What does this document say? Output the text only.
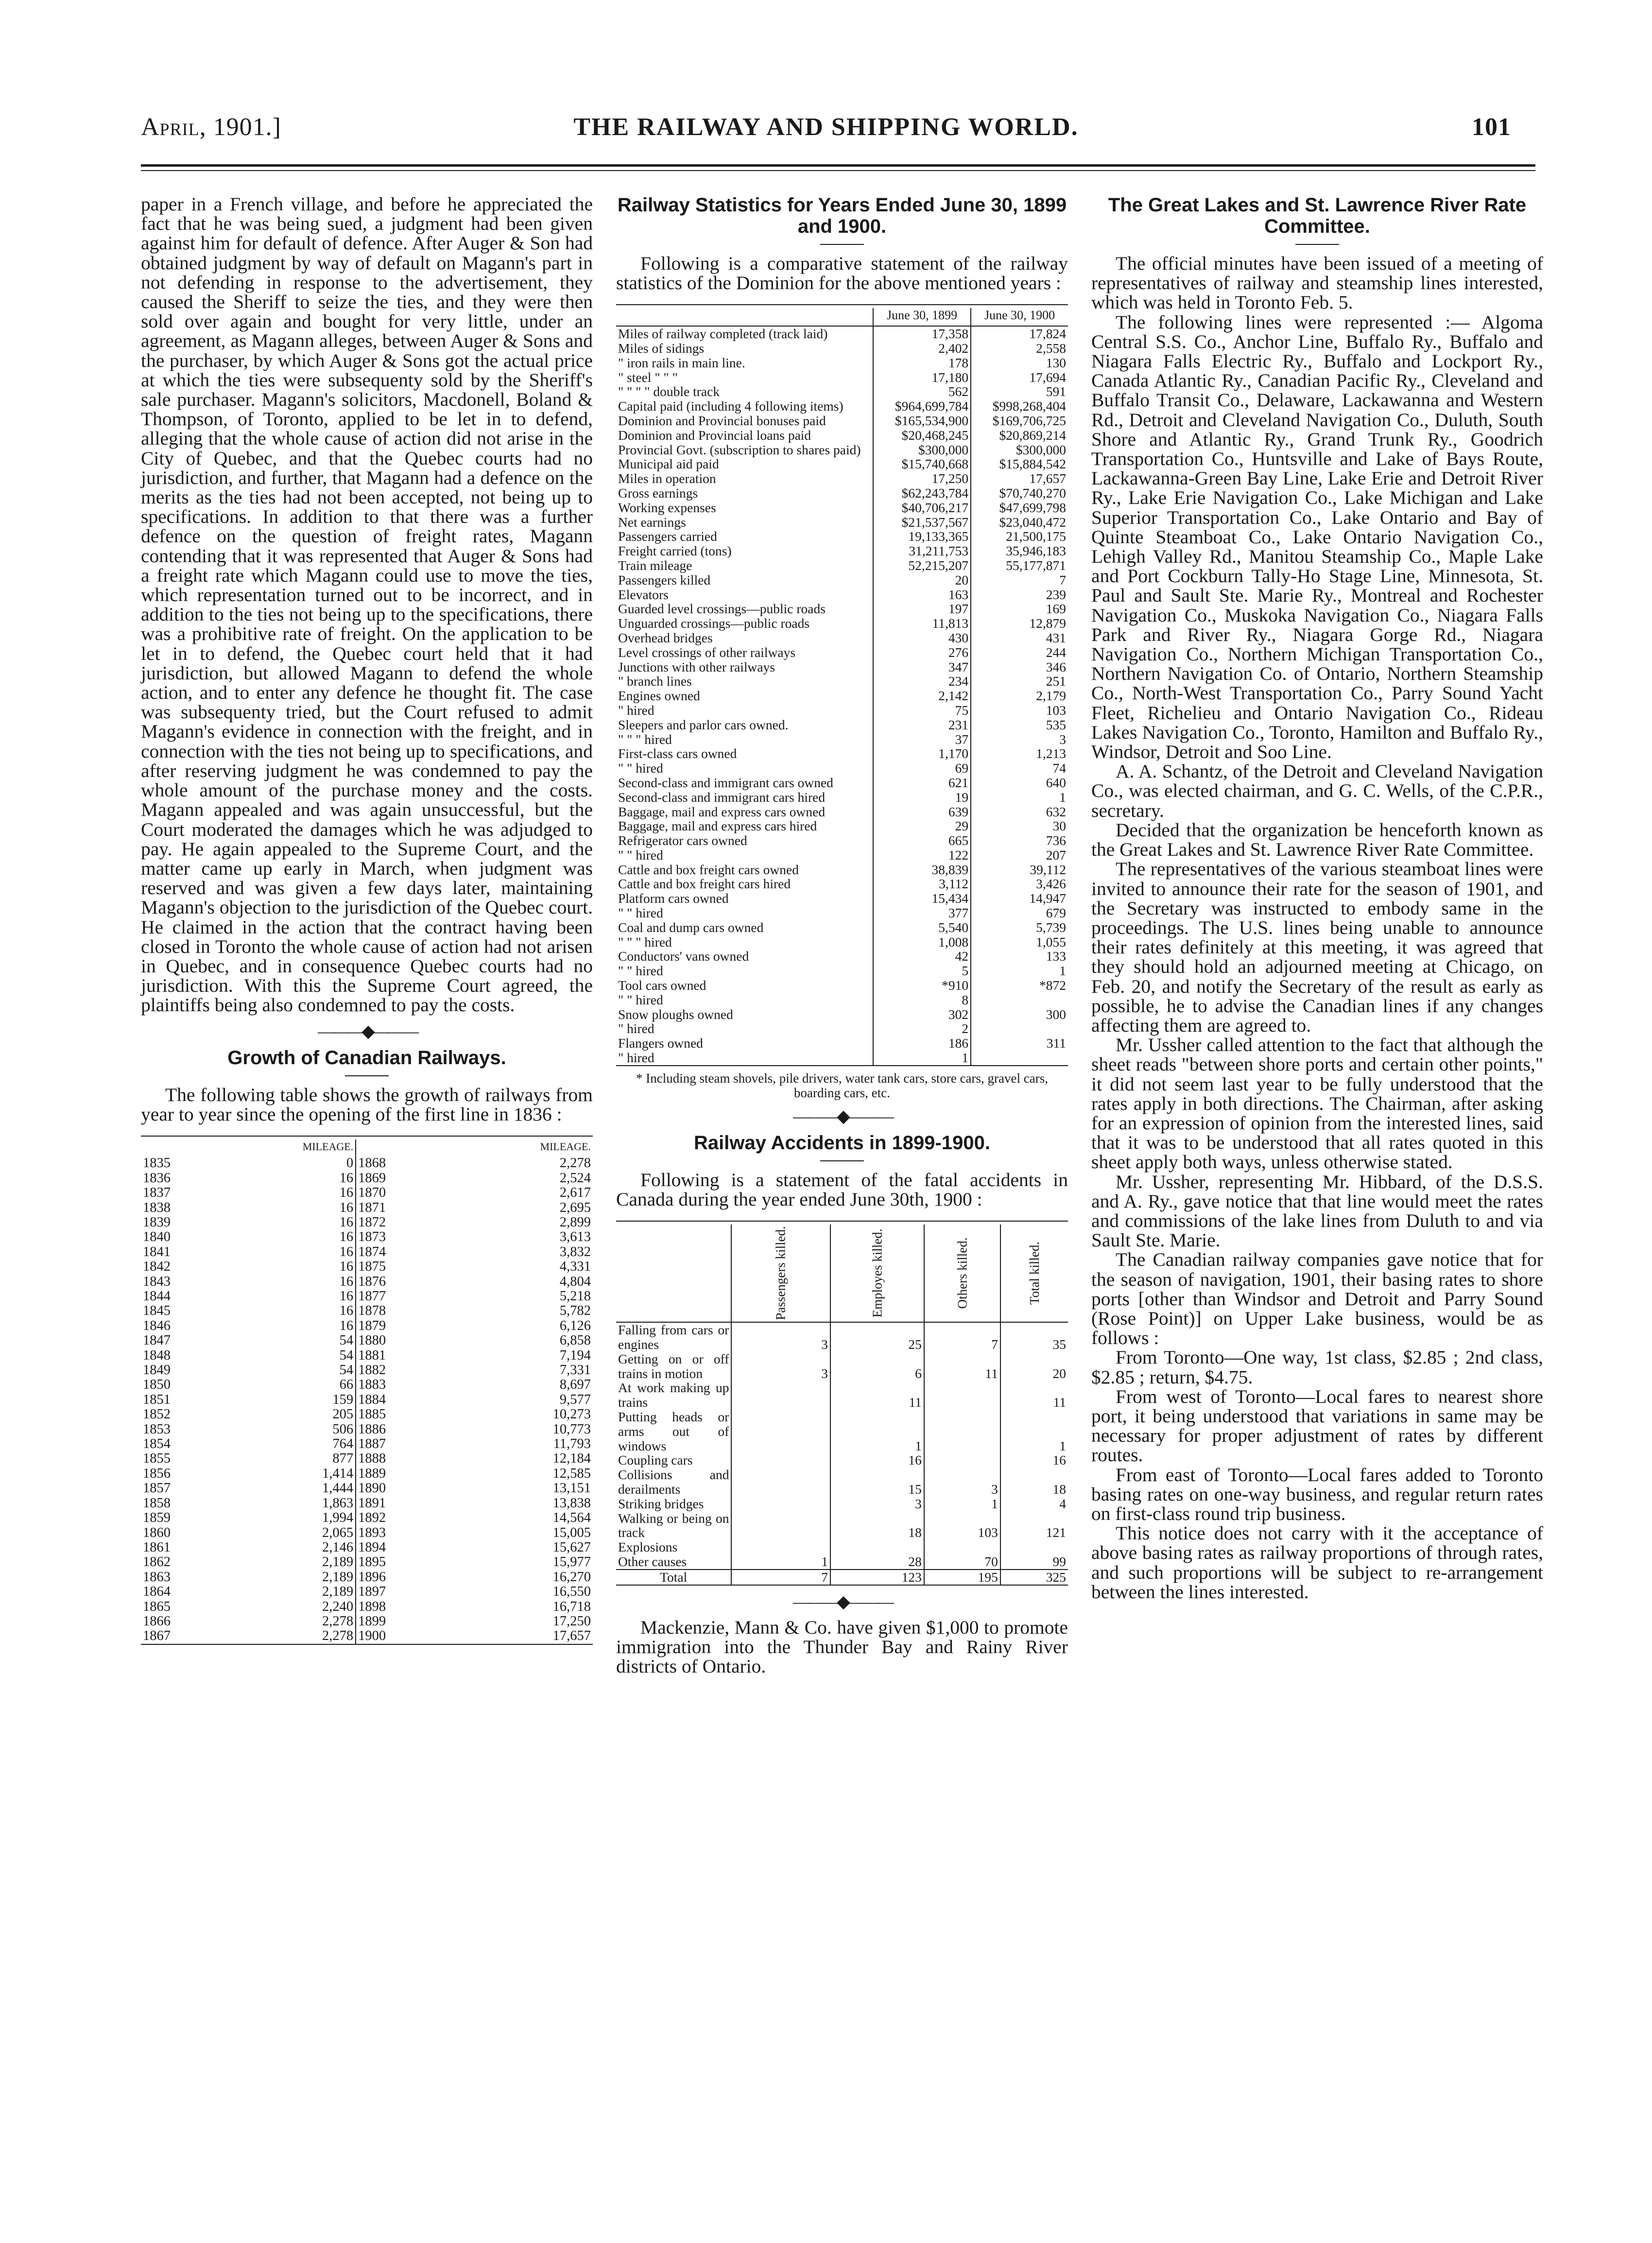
April, 1901.]	THE RAILWAY AND SHIPPING WORLD.	101

paper in a French village, and before he appreciated the fact that he was being sued, a judgment had been given against him for default of defence. After Auger & Son had obtained judgment by way of default on Magann's part in not defending in response to the advertisement, they caused the Sheriff to seize the ties, and they were then sold over again and bought for very little, under an agreement, as Magann alleges, between Auger & Sons and the purchaser, by which Auger & Sons got the actual price at which the ties were subsequenty sold by the Sheriff's sale purchaser. Magann's solicitors, Macdonell, Boland & Thompson, of Toronto, applied to be let in to defend, alleging that the whole cause of action did not arise in the City of Quebec, and that the Quebec courts had no jurisdiction, and further, that Magann had a defence on the merits as the ties had not been accepted, not being up to specifications. In addition to that there was a further defence on the question of freight rates, Magann contending that it was represented that Auger & Sons had a freight rate which Magann could use to move the ties, which representation turned out to be incorrect, and in addition to the ties not being up to the specifications, there was a prohibitive rate of freight. On the application to be let in to defend, the Quebec court held that it had jurisdiction, but allowed Magann to defend the whole action, and to enter any defence he thought fit. The case was subsequenty tried, but the Court refused to admit Magann's evidence in connection with the freight, and in connection with the ties not being up to specifications, and after reserving judgment he was condemned to pay the whole amount of the purchase money and the costs. Magann appealed and was again unsuccessful, but the Court moderated the damages which he was adjudged to pay. He again appealed to the Supreme Court, and the matter came up early in March, when judgment was reserved and was given a few days later, maintaining Magann's objection to the jurisdiction of the Quebec court. He claimed in the action that the contract having been closed in Toronto the whole cause of action had not arisen in Quebec, and in consequence Quebec courts had no jurisdiction. With this the Supreme Court agreed, the plaintiffs being also condemned to pay the costs.

———◆———
Growth of Canadian Railways.

The following table shows the growth of railways from year to year since the opening of the first line in 1836 :

MILEAGE.		MILEAGE.	
1835	0	1868	2,278
1836	16	1869	2,524
1837	16	1870	2,617
1838	16	1871	2,695
1839	16	1872	2,899
1840	16	1873	3,613
1841	16	1874	3,832
1842	16	1875	4,331
1843	16	1876	4,804
1844	16	1877	5,218
1845	16	1878	5,782
1846	16	1879	6,126
1847	54	1880	6,858
1848	54	1881	7,194
1849	54	1882	7,331
1850	66	1883	8,697
1851	159	1884	9,577
1852	205	1885	10,273
1853	506	1886	10,773
1854	764	1887	11,793
1855	877	1888	12,184
1856	1,414	1889	12,585
1857	1,444	1890	13,151
1858	1,863	1891	13,838
1859	1,994	1892	14,564
1860	2,065	1893	15,005
1861	2,146	1894	15,627
1862	2,189	1895	15,977
1863	2,189	1896	16,270
1864	2,189	1897	16,550
1865	2,240	1898	16,718
1866	2,278	1899	17,250
1867	2,278	1900	17,657
Railway Statistics for Years Ended June 30, 1899 and 1900.

Following is a comparative statement of the railway statistics of the Dominion for the above mentioned years :

	June 30, 1899	June 30, 1900
Miles of railway completed (track laid)	17,358	17,824
Miles of sidings	2,402	2,558
" iron rails in main line.	178	130
" steel " " "	17,180	17,694
" " " " double track	562	591
Capital paid (including 4 following items)	$964,699,784	$998,268,404
Dominion and Provincial bonuses paid	$165,534,900	$169,706,725
Dominion and Provincial loans paid	$20,468,245	$20,869,214
Provincial Govt. (subscription to shares paid)	$300,000	$300,000
Municipal aid paid	$15,740,668	$15,884,542
Miles in operation	17,250	17,657
Gross earnings	$62,243,784	$70,740,270
Working expenses	$40,706,217	$47,699,798
Net earnings	$21,537,567	$23,040,472
Passengers carried	19,133,365	21,500,175
Freight carried (tons)	31,211,753	35,946,183
Train mileage	52,215,207	55,177,871
Passengers killed	20	7
Elevators	163	239
Guarded level crossings—public roads	197	169
Unguarded crossings—public roads	11,813	12,879
Overhead bridges	430	431
Level crossings of other railways	276	244
Junctions with other railways	347	346
" branch lines	234	251
Engines owned	2,142	2,179
" hired	75	103
Sleepers and parlor cars owned.	231	535
" " " hired	37	3
First-class cars owned	1,170	1,213
" " hired	69	74
Second-class and immigrant cars owned	621	640
Second-class and immigrant cars hired	19	1
Baggage, mail and express cars owned	639	632
Baggage, mail and express cars hired	29	30
Refrigerator cars owned	665	736
" " hired	122	207
Cattle and box freight cars owned	38,839	39,112
Cattle and box freight cars hired	3,112	3,426
Platform cars owned	15,434	14,947
" " hired	377	679
Coal and dump cars owned	5,540	5,739
" " " hired	1,008	1,055
Conductors' vans owned	42	133
" " hired	5	1
Tool cars owned	*910	*872
" " hired	8	
Snow ploughs owned	302	300
" hired	2	
Flangers owned	186	311
" hired	1	
* Including steam shovels, pile drivers, water tank cars, store cars, gravel cars, boarding cars, etc.
———◆———
Railway Accidents in 1899-1900.

Following is a statement of the fatal accidents in Canada during the year ended June 30th, 1900 :

	Passengers killed.	Employes killed.	Others killed.	Total killed.

Falling from cars or engines	3	25	7	35
Getting on or off trains in motion	3	6	11	20
At work making up trains		11		11
Putting heads or arms out of windows		1		1
Coupling cars		16		16
Collisions and derailments		15	3	18
Striking bridges		3	1	4
Walking or being on track		18	103	121
Explosions				
Other causes	1	28	70	99
Total	7	123	195	325
———◆———

Mackenzie, Mann & Co. have given $1,000 to promote immigration into the Thunder Bay and Rainy River districts of Ontario.

The Great Lakes and St. Lawrence River Rate Committee.

The official minutes have been issued of a meeting of representatives of railway and steamship lines interested, which was held in Toronto Feb. 5.

The following lines were represented :— Algoma Central S.S. Co., Anchor Line, Buffalo Ry., Buffalo and Niagara Falls Electric Ry., Buffalo and Lockport Ry., Canada Atlantic Ry., Canadian Pacific Ry., Cleveland and Buffalo Transit Co., Delaware, Lackawanna and Western Rd., Detroit and Cleveland Navigation Co., Duluth, South Shore and Atlantic Ry., Grand Trunk Ry., Goodrich Transportation Co., Huntsville and Lake of Bays Route, Lackawanna-Green Bay Line, Lake Erie and Detroit River Ry., Lake Erie Navigation Co., Lake Michigan and Lake Superior Transportation Co., Lake Ontario and Bay of Quinte Steamboat Co., Lake Ontario Navigation Co., Lehigh Valley Rd., Manitou Steamship Co., Maple Lake and Port Cockburn Tally-Ho Stage Line, Minnesota, St. Paul and Sault Ste. Marie Ry., Montreal and Rochester Navigation Co., Muskoka Navigation Co., Niagara Falls Park and River Ry., Niagara Gorge Rd., Niagara Navigation Co., Northern Michigan Transportation Co., Northern Navigation Co. of Ontario, Northern Steamship Co., North-West Transportation Co., Parry Sound Yacht Fleet, Richelieu and Ontario Navigation Co., Rideau Lakes Navigation Co., Toronto, Hamilton and Buffalo Ry., Windsor, Detroit and Soo Line.

A. A. Schantz, of the Detroit and Cleveland Navigation Co., was elected chairman, and G. C. Wells, of the C.P.R., secretary.

Decided that the organization be henceforth known as the Great Lakes and St. Lawrence River Rate Committee.

The representatives of the various steamboat lines were invited to announce their rate for the season of 1901, and the Secretary was instructed to embody same in the proceedings. The U.S. lines being unable to announce their rates definitely at this meeting, it was agreed that they should hold an adjourned meeting at Chicago, on Feb. 20, and notify the Secretary of the result as early as possible, he to advise the Canadian lines if any changes affecting them are agreed to.

Mr. Ussher called attention to the fact that although the sheet reads "between shore ports and certain other points," it did not seem last year to be fully understood that the rates apply in both directions. The Chairman, after asking for an expression of opinion from the interested lines, said that it was to be understood that all rates quoted in this sheet apply both ways, unless otherwise stated.

Mr. Ussher, representing Mr. Hibbard, of the D.S.S. and A. Ry., gave notice that that line would meet the rates and commissions of the lake lines from Duluth to and via Sault Ste. Marie.

The Canadian railway companies gave notice that for the season of navigation, 1901, their basing rates to shore ports [other than Windsor and Detroit and Parry Sound (Rose Point)] on Upper Lake business, would be as follows :

From Toronto—One way, 1st class, $2.85 ; 2nd class, $2.85 ; return, $4.75.

From west of Toronto—Local fares to nearest shore port, it being understood that variations in same may be necessary for proper adjustment of rates by different routes.

From east of Toronto—Local fares added to Toronto basing rates on one-way business, and regular return rates on first-class round trip business.

This notice does not carry with it the acceptance of above basing rates as railway proportions of through rates, and such proportions will be subject to re-arrangement between the lines interested.
